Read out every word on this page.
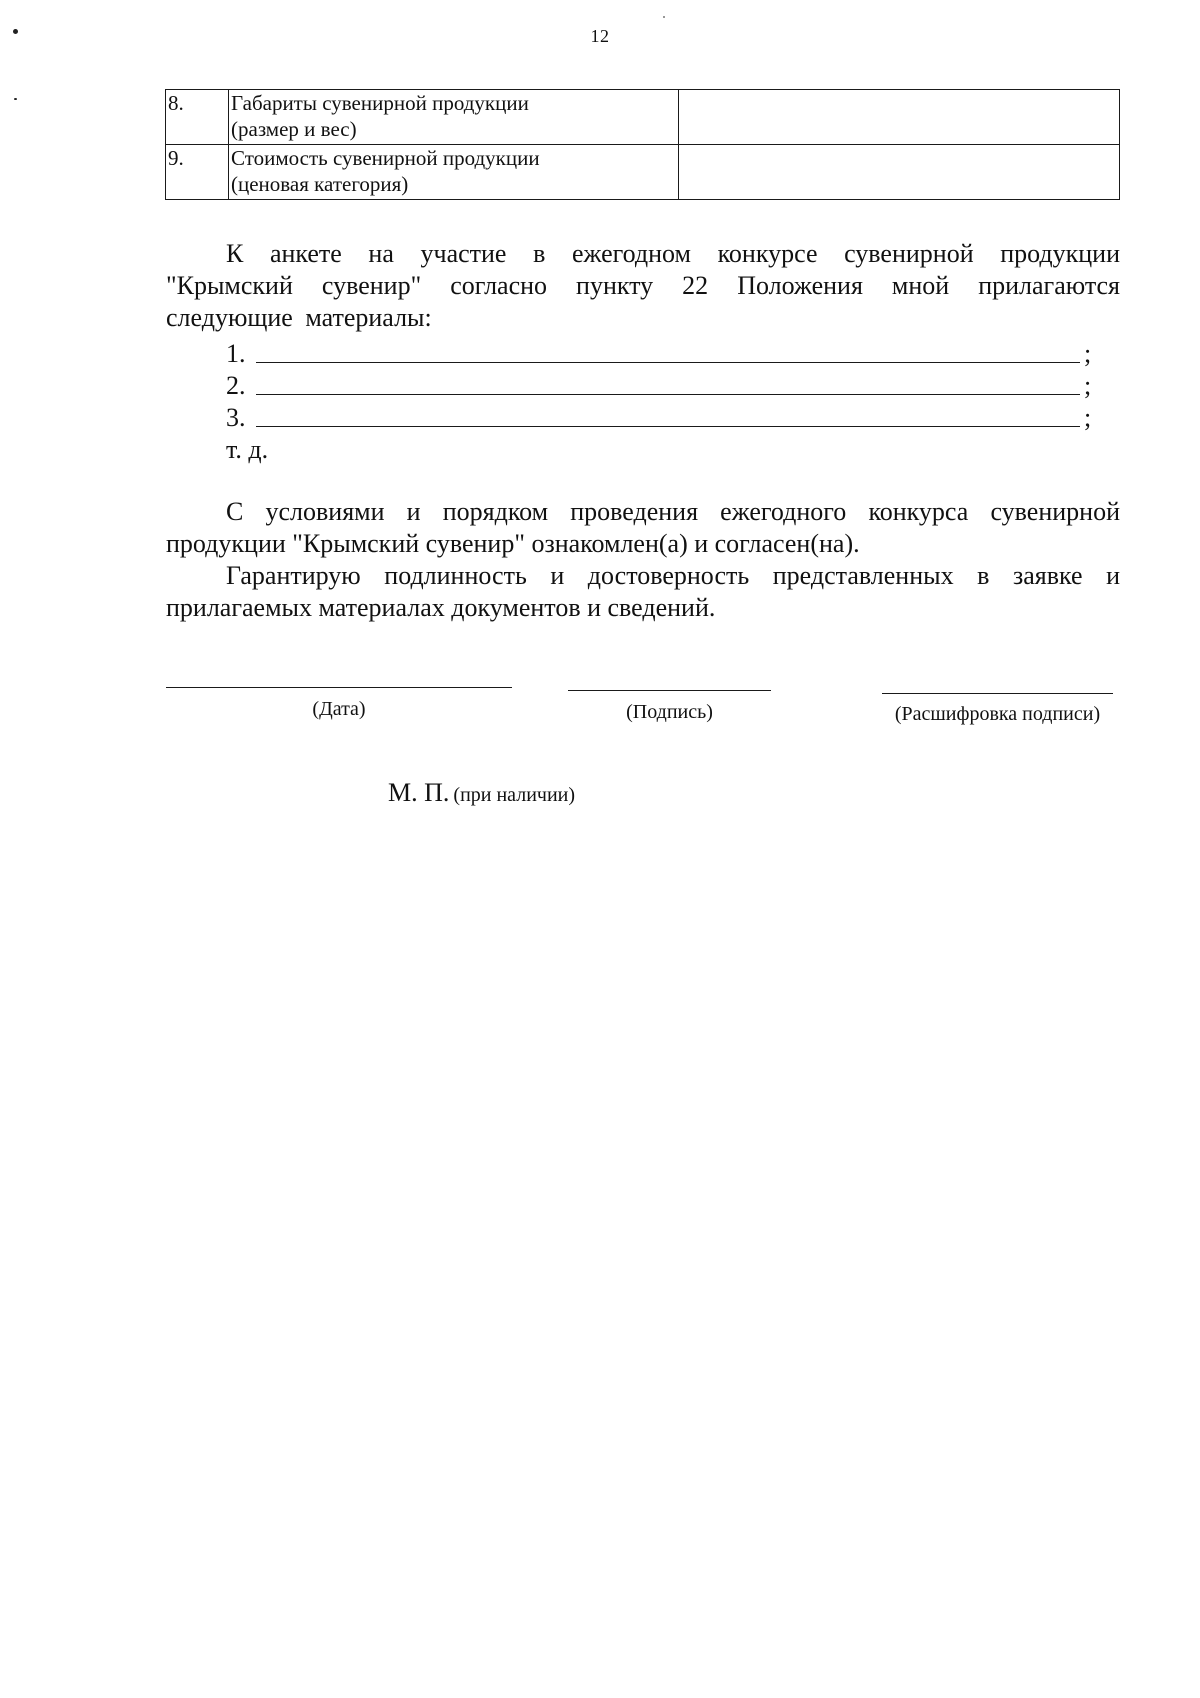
12
8.	Габариты сувенирной продукции
(размер и вес)	

9.	Стоимость сувенирной продукции
(ценовая категория)	

К анкете на участие в ежегодном конкурсе сувенирной продукции "Крымский сувенир" согласно пункту 22 Положения мной прилагаются следующие материалы:

1.	;
2.	;
3.	;
т. д.

С условиями и порядком проведения ежегодного конкурса сувенирной продукции "Крымский сувенир" ознакомлен(а) и согласен(на).

Гарантирую подлинность и достоверность представленных в заявке и прилагаемых материалах документов и сведений.

(Дата)	(Подпись)	(Расшифровка подписи)
М. П. (при наличии)
